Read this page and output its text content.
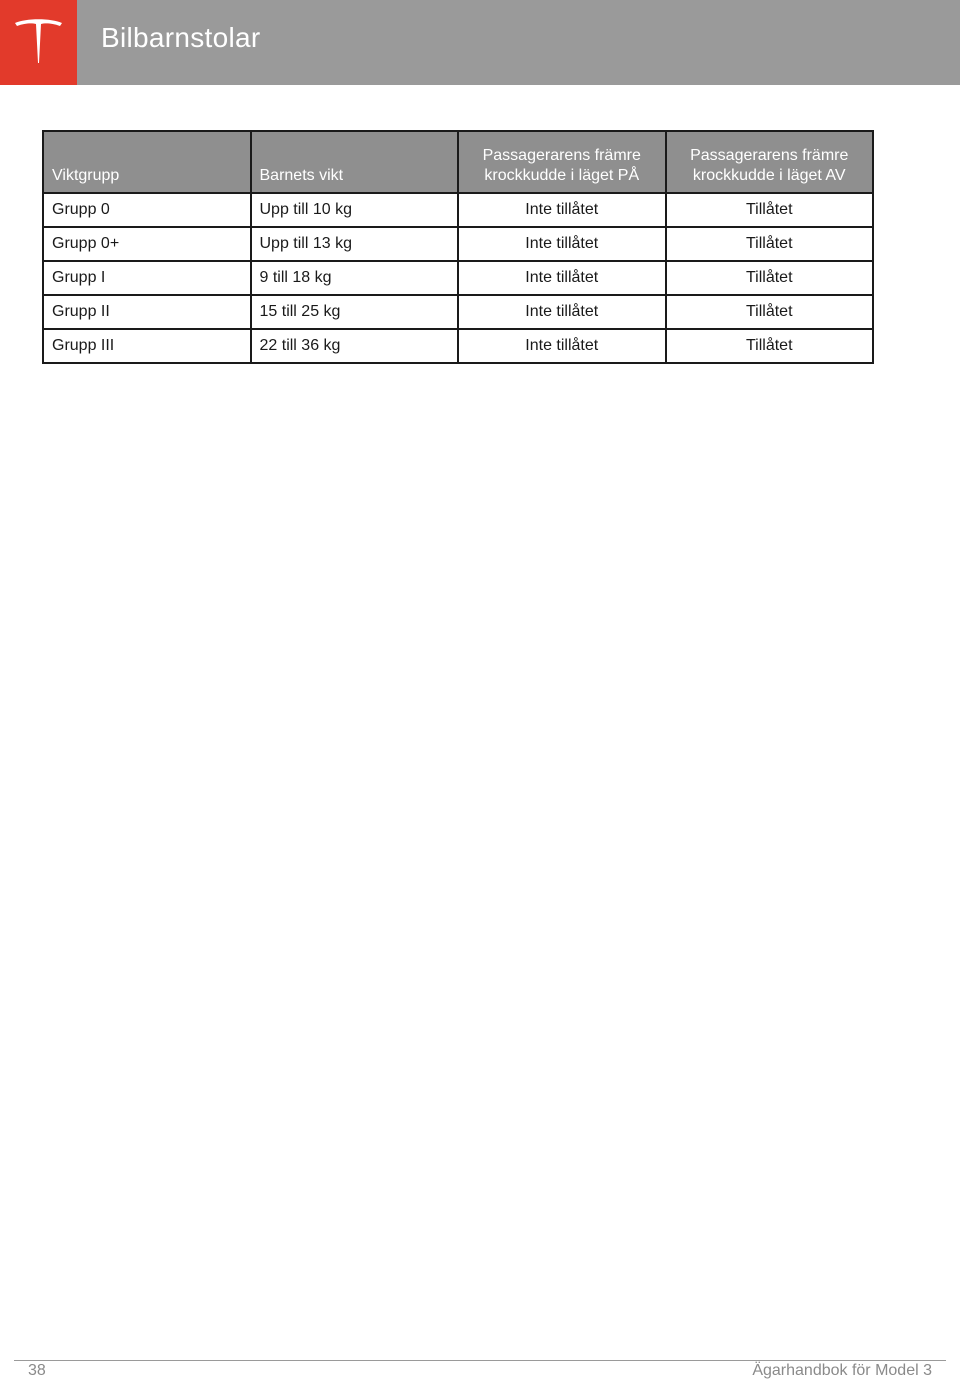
Bilbarnstolar
Viktgrupp	Barnets vikt	Passagerarens främre krockkudde i läget PÅ	Passagerarens främre krockkudde i läget AV
Grupp 0	Upp till 10 kg	Inte tillåtet	Tillåtet
Grupp 0+	Upp till 13 kg	Inte tillåtet	Tillåtet
Grupp I	9 till 18 kg	Inte tillåtet	Tillåtet
Grupp II	15 till 25 kg	Inte tillåtet	Tillåtet
Grupp III	22 till 36 kg	Inte tillåtet	Tillåtet
38	Ägarhandbok för Model 3
